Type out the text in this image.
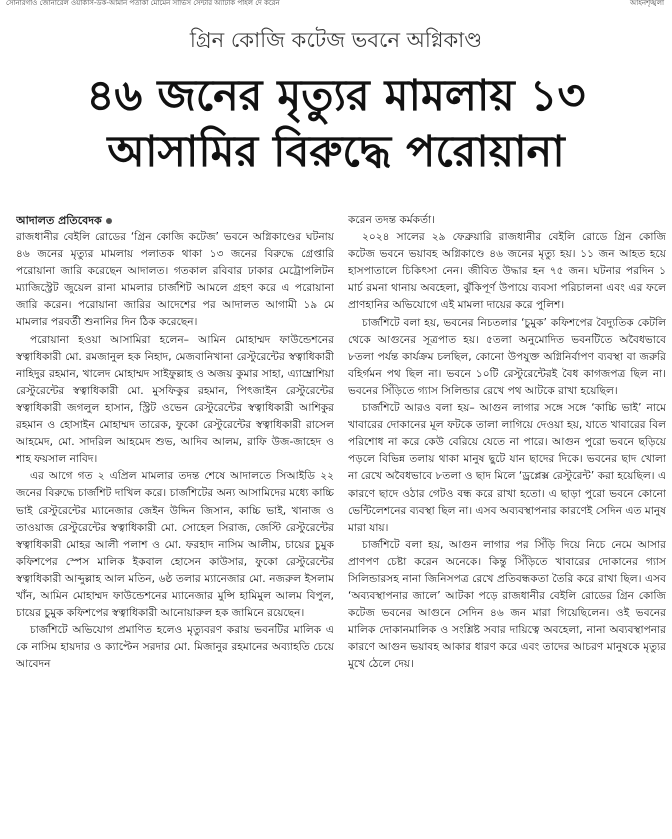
সোনারগাঁও জোনারেল ওয়ার্কার্স-ডক-আমান পতাকা মোমেন সার্ভিস সেন্টার অ্যাটাক পাইল দে করেন	আইনশৃঙ্খলা
গ্রিন কোজি কটেজ ভবনে অগ্নিকাণ্ড
৪৬ জনের মৃত্যুর মামলায় ১৩
আসামির বিরুদ্ধে পরোয়ানা
আদালত প্রতিবেদক

রাজধানীর বেইলি রোডের ‘গ্রিন কোজি কটেজ’ ভবনে অগ্নিকাণ্ডের ঘটনায় ৪৬ জনের মৃত্যুর মামলায় পলাতক থাকা ১৩ জনের বিরুদ্ধে গ্রেপ্তারি পরোয়ানা জারি করেছেন আদালত। গতকাল রবিবার ঢাকার মেট্রোপলিটন ম্যাজিস্ট্রেট জুয়েল রানা মামলার চার্জশিট আমলে গ্রহণ করে এ পরোয়ানা জারি করেন। পরোয়ানা জারির আদেশের পর আদালত আগামী ১৯ মে মামলার পরবর্তী শুনানির দিন ঠিক করেছেন।

পরোয়ানা হওয়া আসামিরা হলেন– আমিন মোহাম্মদ ফাউন্ডেশনের স্বত্বাধিকারী মো. রমজানুল হক নিহাদ, মেজবানিখানা রেস্টুরেন্টের স্বত্বাধিকারী নাহিদুর রহমান, খালেদ মোহাম্মদ সাইফুল্লাহ ও অজয় কুমার সাহা, এ্যাম্ব্রোশিয়া রেস্টুরেন্টের স্বত্বাধিকারী মো. মুসফিকুর রহমান, পিৎজাইন রেস্টুরেন্টের স্বত্বাধিকারী জগলুল হাসান, স্ট্রিট ওভেন রেস্টুরেন্টের স্বত্বাধিকারী আশিকুর রহমান ও হোসাইন মোহাম্মদ তারেক, ফুকো রেস্টুরেন্টের স্বত্বাধিকারী রাসেল আহমেদ, মো. সাদরিল আহমেদ শুভ, আদিব আলম, রাফি উজ-জাহেদ ও শাহ ফয়সাল নাবিদ।

এর আগে গত ২ এপ্রিল মামলার তদন্ত শেষে আদালতে সিআইডি ২২ জনের বিরুদ্ধে চার্জশিট দাখিল করে। চার্জশিটের অন্য আসামিদের মধ্যে কাচ্চি ভাই রেস্টুরেন্টের ম্যানেজার জেইন উদ্দিন জিসান, কাচ্চি ভাই, খানাজ ও তাওয়াজ রেস্টুরেন্টের স্বত্বাধিকারী মো. সোহেল সিরাজ, জেস্টি রেস্টুরেন্টের স্বত্বাধিকারী মোহর আলী পলাশ ও মো. ফরহাদ নাসিম আলীম, চায়ের চুমুক কফিশপের স্পেস মালিক ইকবাল হোসেন কাউসার, ফুকো রেস্টুরেন্টের স্বত্বাধিকারী আব্দুল্লাহ আল মতিন, ৬ষ্ঠ তলার ম্যানেজার মো. নজরুল ইসলাম খাঁন, আমিন মোহাম্মদ ফাউন্ডেশনের ম্যানেজার মুন্সি হামিমুল আলম বিপুল, চায়ের চুমুক কফিশপের স্বত্বাধিকারী আনোয়ারুল হক জামিনে রয়েছেন।

চার্জশিটে অভিযোগ প্রমাণিত হলেও মৃত্যুবরণ করায় ভবনটির মালিক এ কে নাসিম হায়দার ও ক্যাপ্টেন সরদার মো. মিজানুর রহমানের অব্যাহতি চেয়ে আবেদন

করেন তদন্ত কর্মকর্তা।

২০২৪ সালের ২৯ ফেব্রুয়ারি রাজধানীর বেইলি রোডে গ্রিন কোজি কটেজ ভবনে ভয়াবহ অগ্নিকাণ্ডে ৪৬ জনের মৃত্যু হয়। ১১ জন আহত হয়ে হাসপাতালে চিকিৎসা নেন। জীবিত উদ্ধার হন ৭৫ জন। ঘটনার পরদিন ১ মার্চ রমনা থানায় অবহেলা, ঝুঁকিপূর্ণ উপায়ে ব্যবসা পরিচালনা এবং এর ফলে প্রাণহানির অভিযোগে এই মামলা দায়ের করে পুলিশ।

চার্জশিটে বলা হয়, ভবনের নিচতলার ‘চুমুক’ কফিশপের বৈদ্যুতিক কেটলি থেকে আগুনের সূত্রপাত হয়। ৫তলা অনুমোদিত ভবনটিতে অবৈধভাবে ৮তলা পর্যন্ত কার্যক্রম চলছিল, কোনো উপযুক্ত অগ্নিনির্বাপণ ব্যবস্থা বা জরুরি বহির্গমন পথ ছিল না। ভবনে ১০টি রেস্টুরেন্টেরই বৈধ কাগজপত্র ছিল না। ভবনের সিঁড়িতে গ্যাস সিলিন্ডার রেখে পথ আটকে রাখা হয়েছিল।

চার্জশিটে আরও বলা হয়– আগুন লাগার সঙ্গে সঙ্গে ‘কাচ্চি ভাই’ নামে খাবারের দোকানের মূল ফটকে তালা লাগিয়ে দেওয়া হয়, যাতে খাবারের বিল পরিশোধ না করে কেউ বেরিয়ে যেতে না পারে। আগুন পুরো ভবনে ছড়িয়ে পড়লে বিভিন্ন তলায় থাকা মানুষ ছুটে যান ছাদের দিকে। ভবনের ছাদ খোলা না রেখে অবৈধভাবে ৮তলা ও ছাদ মিলে ‘ড্রপ্লেক্স রেস্টুরেন্ট’ করা হয়েছিল। এ কারণে ছাদে ওঠার গেটও বন্ধ করে রাখা হতো। এ ছাড়া পুরো ভবনে কোনো ভেন্টিলেশনের ব্যবস্থা ছিল না। এসব অব্যবস্থাপনার কারণেই সেদিন এত মানুষ মারা যায়।

চার্জশিটে বলা হয়, আগুন লাগার পর সিঁড়ি দিয়ে নিচে নেমে আসার প্রাণপণ চেষ্টা করেন অনেকে। কিন্তু সিঁড়িতে খাবারের দোকানের গ্যাস সিলিন্ডারসহ নানা জিনিসপত্র রেখে প্রতিবন্ধকতা তৈরি করে রাখা ছিল। এসব ‘অব্যবস্থাপনার জালে’ আটকা পড়ে রাজধানীর বেইলি রোডের গ্রিন কোজি কটেজ ভবনের আগুনে সেদিন ৪৬ জন মারা গিয়েছিলেন। ওই ভবনের মালিক দোকানমালিক ও সংশ্লিষ্ট সবার দায়িত্বে অবহেলা, নানা অব্যবস্থাপনার কারণে আগুন ভয়াবহ আকার ধারণ করে এবং তাদের আচরণ মানুষকে মৃত্যুর মুখে ঠেলে দেয়।
